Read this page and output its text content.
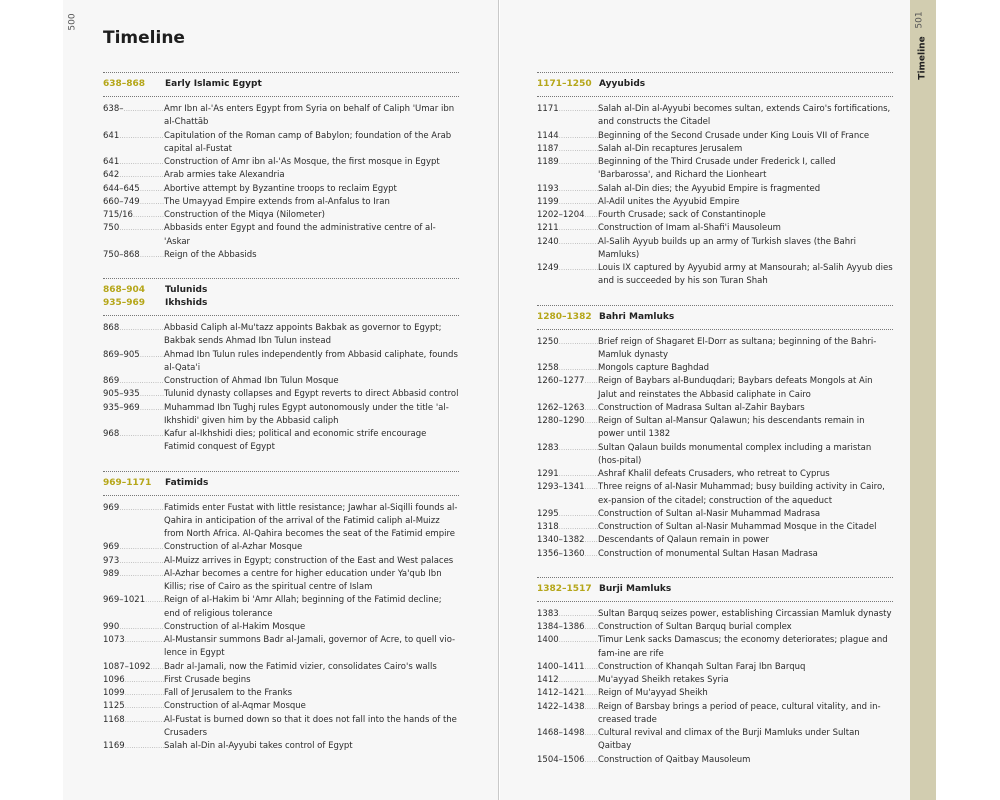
Timeline
500	501
Timeline
638–868	Early Islamic Egypt
638– .....	Amr Ibn al-'As enters Egypt from Syria on behalf of Caliph 'Umar ibn al-Chattāb
641 .....	Capitulation of the Roman camp of Babylon; foundation of the Arab capital al-Fustat
641 .....	Construction of Amr ibn al-'As Mosque, the first mosque in Egypt
642 .....	Arab armies take Alexandria
644–645 .....	Abortive attempt by Byzantine troops to reclaim Egypt
660–749 .....	The Umayyad Empire extends from al-Anfalus to Iran
715/16 .....	Construction of the Miqya (Nilometer)
750 .....	Abbasids enter Egypt and found the administrative centre of al-'Askar
750–868 .....	Reign of the Abbasids
868–904	Tulunids
935–969	Ikhshids
868 .....	Abbasid Caliph al-Mu'tazz appoints Bakbak as governor to Egypt; Bakbak sends Ahmad Ibn Tulun instead
869–905 .....	Ahmad Ibn Tulun rules independently from Abbasid caliphate, founds al-Qata'i
869 .....	Construction of Ahmad Ibn Tulun Mosque
905–935 .....	Tulunid dynasty collapses and Egypt reverts to direct Abbasid control
935–969 .....	Muhammad Ibn Tughj rules Egypt autonomously under the title 'al-Ikhshidi' given him by the Abbasid caliph
968 .....	Kafur al-Ikhshidi dies; political and economic strife encourage Fatimid conquest of Egypt
969–1171	Fatimids
969 .....	Fatimids enter Fustat with little resistance; Jawhar al-Siqilli founds al-Qahira in anticipation of the arrival of the Fatimid caliph al-Muizz from North Africa. Al-Qahira becomes the seat of the Fatimid empire
969 .....	Construction of al-Azhar Mosque
973 .....	Al-Muizz arrives in Egypt; construction of the East and West palaces
989 .....	Al-Azhar becomes a centre for higher education under Ya'qub Ibn Killis; rise of Cairo as the spiritual centre of Islam
969–1021 .....	Reign of al-Hakim bi 'Amr Allah; beginning of the Fatimid decline; end of religious tolerance
990 .....	Construction of al-Hakim Mosque
1073 .....	Al-Mustansir summons Badr al-Jamali, governor of Acre, to quell vio-lence in Egypt
1087–1092 .....	Badr al-Jamali, now the Fatimid vizier, consolidates Cairo's walls
1096 .....	First Crusade begins
1099 .....	Fall of Jerusalem to the Franks
1125 .....	Construction of al-Aqmar Mosque
1168 .....	Al-Fustat is burned down so that it does not fall into the hands of the Crusaders
1169 .....	Salah al-Din al-Ayyubi takes control of Egypt
1171–1250 Ayyubids
1171 .....	Salah al-Din al-Ayyubi becomes sultan, extends Cairo's fortifications, and constructs the Citadel
1144 .....	Beginning of the Second Crusade under King Louis VII of France
1187 .....	Salah al-Din recaptures Jerusalem
1189 .....	Beginning of the Third Crusade under Frederick I, called 'Barbarossa', and Richard the Lionheart
1193 .....	Salah al-Din dies; the Ayyubid Empire is fragmented
1199 .....	Al-Adil unites the Ayyubid Empire
1202–1204 .....	Fourth Crusade; sack of Constantinople
1211 .....	Construction of Imam al-Shafi'i Mausoleum
1240 .....	Al-Salih Ayyub builds up an army of Turkish slaves (the Bahri Mamluks)
1249 .....	Louis IX captured by Ayyubid army at Mansourah; al-Salih Ayyub dies and is succeeded by his son Turan Shah
1280–1382 Bahri Mamluks
1250 .....	Brief reign of Shagaret El-Dorr as sultana; beginning of the Bahri-Mamluk dynasty
1258 .....	Mongols capture Baghdad
1260–1277 .....	Reign of Baybars al-Bunduqdari; Baybars defeats Mongols at Ain Jalut and reinstates the Abbasid caliphate in Cairo
1262–1263 .....	Construction of Madrasa Sultan al-Zahir Baybars
1280–1290 .....	Reign of Sultan al-Mansur Qalawun; his descendants remain in power until 1382
1283 .....	Sultan Qalaun builds monumental complex including a maristan (hos-pital)
1291 .....	Ashraf Khalil defeats Crusaders, who retreat to Cyprus
1293–1341 .....	Three reigns of al-Nasir Muhammad; busy building activity in Cairo, ex-pansion of the citadel; construction of the aqueduct
1295 .....	Construction of Sultan al-Nasir Muhammad Madrasa
1318 .....	Construction of Sultan al-Nasir Muhammad Mosque in the Citadel
1340–1382 .....	Descendants of Qalaun remain in power
1356–1360 .....	Construction of monumental Sultan Hasan Madrasa
1382–1517 Burji Mamluks
1383 .....	Sultan Barquq seizes power, establishing Circassian Mamluk dynasty
1384–1386 .....	Construction of Sultan Barquq burial complex
1400 .....	Timur Lenk sacks Damascus; the economy deteriorates; plague and fam-ine are rife
1400–1411 .....	Construction of Khanqah Sultan Faraj Ibn Barquq
1412 .....	Mu'ayyad Sheikh retakes Syria
1412–1421 .....	Reign of Mu'ayyad Sheikh
1422–1438 .....	Reign of Barsbay brings a period of peace, cultural vitality, and in-creased trade
1468–1498 .....	Cultural revival and climax of the Burji Mamluks under Sultan Qaitbay
1504–1506 .....	Construction of Qaitbay Mausoleum
